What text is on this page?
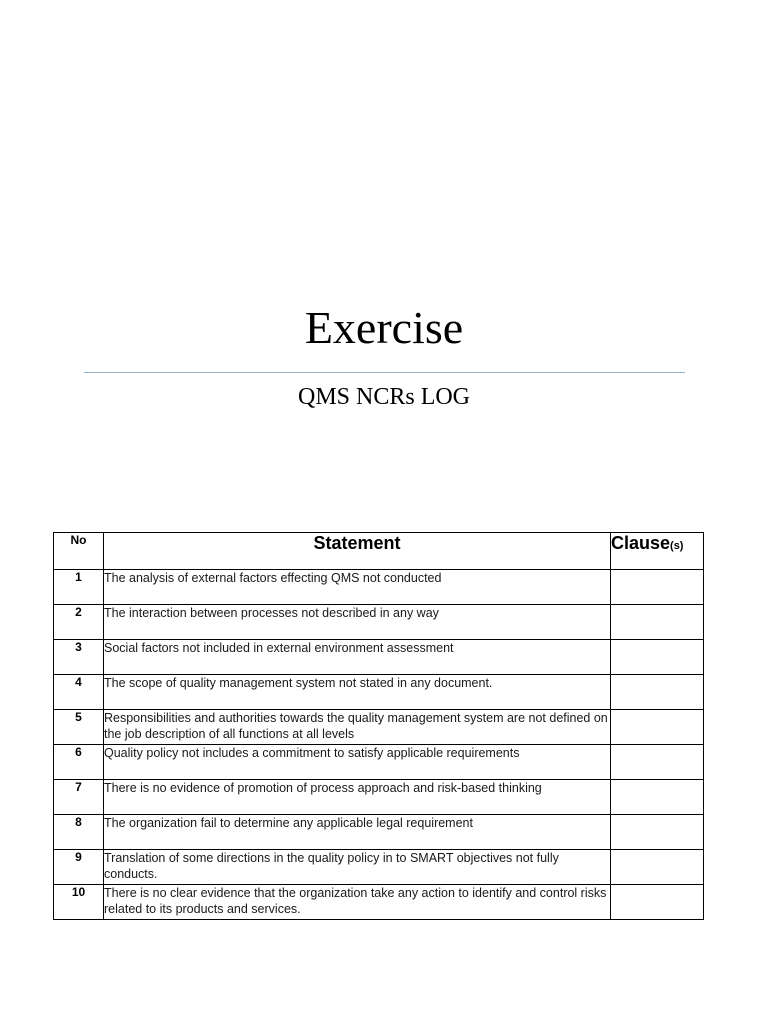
Exercise
QMS NCRs LOG
No	Statement	Clause(s)
1	The analysis of external factors effecting QMS not conducted	
2	The interaction between processes not described in any way	
3	Social factors not included in external environment assessment	
4	The scope of quality management system not stated in any document.	
5	Responsibilities and authorities towards the quality management system are not defined on the job description of all functions at all levels	
6	Quality policy not includes a commitment to satisfy applicable requirements	
7	There is no evidence of promotion of process approach and risk-based thinking	
8	The organization fail to determine any applicable legal requirement	
9	Translation of some directions in the quality policy in to SMART objectives not fully conducts.	
10	There is no clear evidence that the organization take any action to identify and control risks related to its products and services.	
